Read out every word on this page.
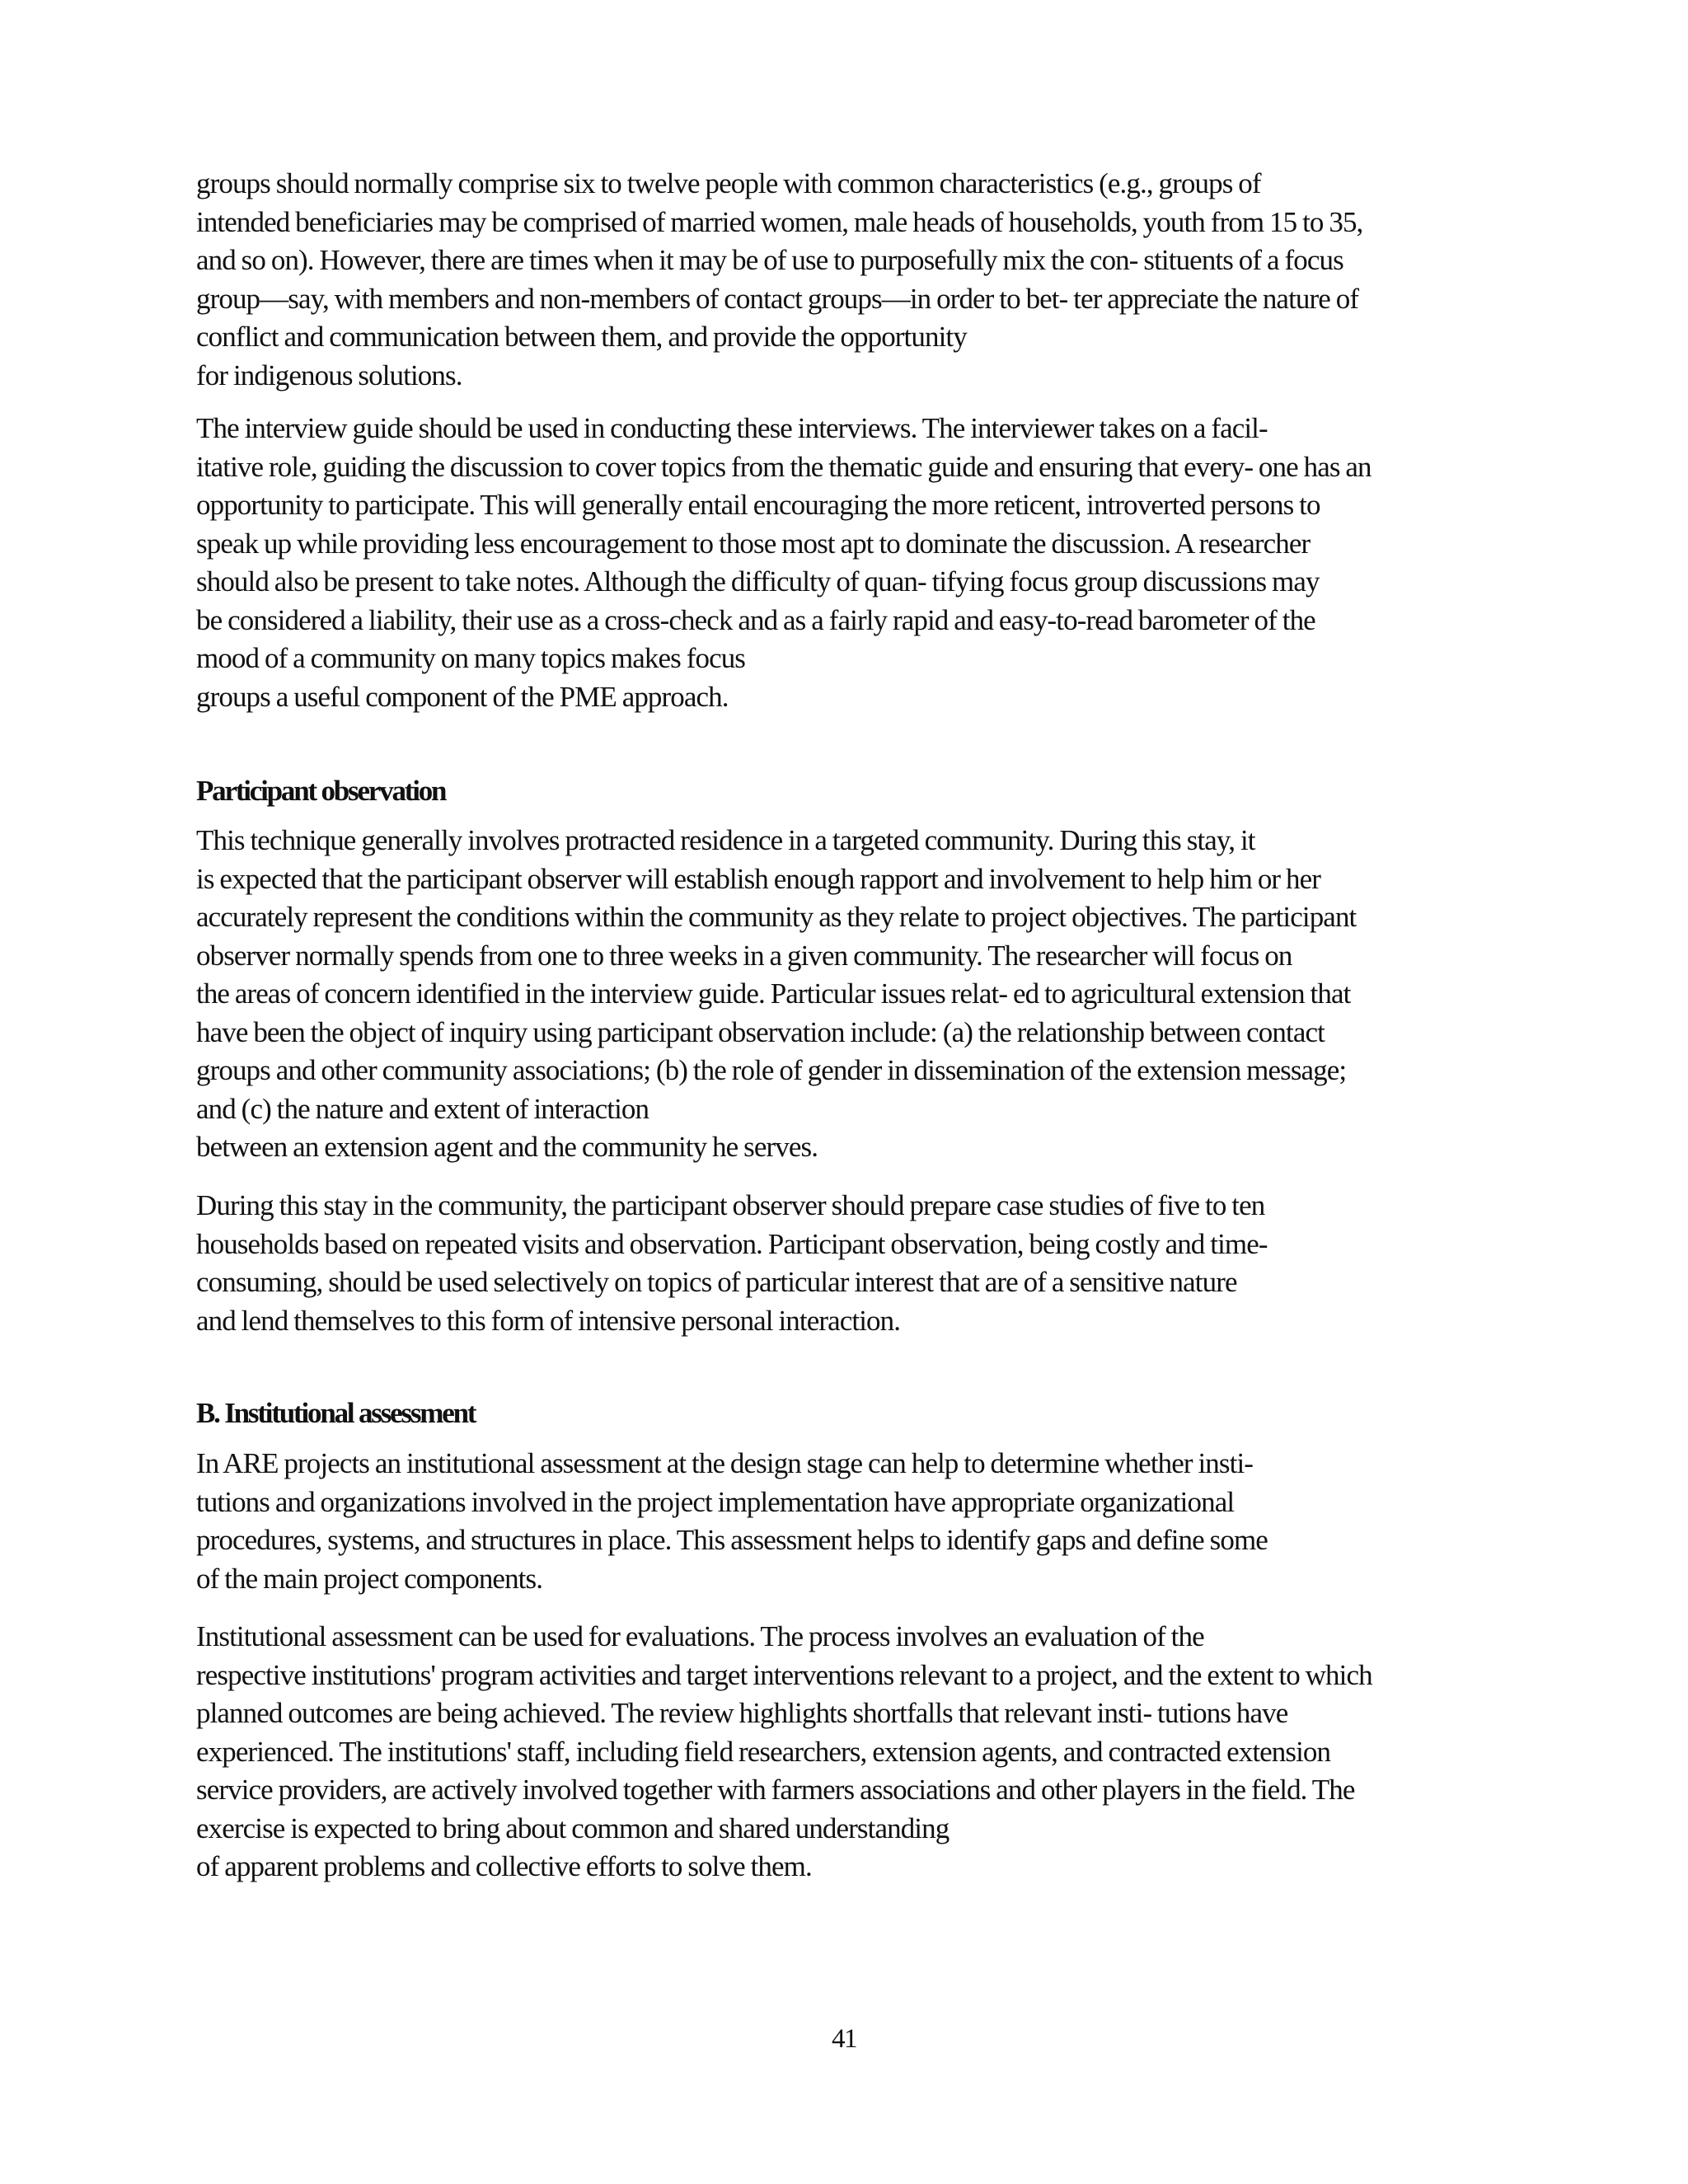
groups should normally comprise six to twelve people with common characteristics (e.g., groups of
intended beneficiaries may be comprised of married women, male heads of households, youth from 15 to 35,
and so on). However, there are times when it may be of use to purposefully mix the con- stituents of a focus
group—say, with members and non-members of contact groups—in order to bet- ter appreciate the nature of
conflict and communication between them, and provide the opportunity
for indigenous solutions.
The interview guide should be used in conducting these interviews. The interviewer takes on a facil-
itative role, guiding the discussion to cover topics from the thematic guide and ensuring that every- one has an
opportunity to participate. This will generally entail encouraging the more reticent, introverted persons to
speak up while providing less encouragement to those most apt to dominate the discussion. A researcher
should also be present to take notes. Although the difficulty of quan- tifying focus group discussions may
be considered a liability, their use as a cross-check and as a fairly rapid and easy-to-read barometer of the
mood of a community on many topics makes focus
groups a useful component of the PME approach.
Participant observation
This technique generally involves protracted residence in a targeted community. During this stay, it
is expected that the participant observer will establish enough rapport and involvement to help him or her
accurately represent the conditions within the community as they relate to project objectives. The participant
observer normally spends from one to three weeks in a given community. The researcher will focus on
the areas of concern identified in the interview guide. Particular issues relat- ed to agricultural extension that
have been the object of inquiry using participant observation include: (a) the relationship between contact
groups and other community associations; (b) the role of gender in dissemination of the extension message;
and (c) the nature and extent of interaction
between an extension agent and the community he serves.
During this stay in the community, the participant observer should prepare case studies of five to ten
households based on repeated visits and observation. Participant observation, being costly and time-
consuming, should be used selectively on topics of particular interest that are of a sensitive nature
and lend themselves to this form of intensive personal interaction.
B. Institutional assessment
In ARE projects an institutional assessment at the design stage can help to determine whether insti-
tutions and organizations involved in the project implementation have appropriate organizational
procedures, systems, and structures in place. This assessment helps to identify gaps and define some
of the main project components.
Institutional assessment can be used for evaluations. The process involves an evaluation of the
respective institutions' program activities and target interventions relevant to a project, and the extent to which
planned outcomes are being achieved. The review highlights shortfalls that relevant insti- tutions have
experienced. The institutions' staff, including field researchers, extension agents, and contracted extension
service providers, are actively involved together with farmers associations and other players in the field. The
exercise is expected to bring about common and shared understanding
of apparent problems and collective efforts to solve them.
41
